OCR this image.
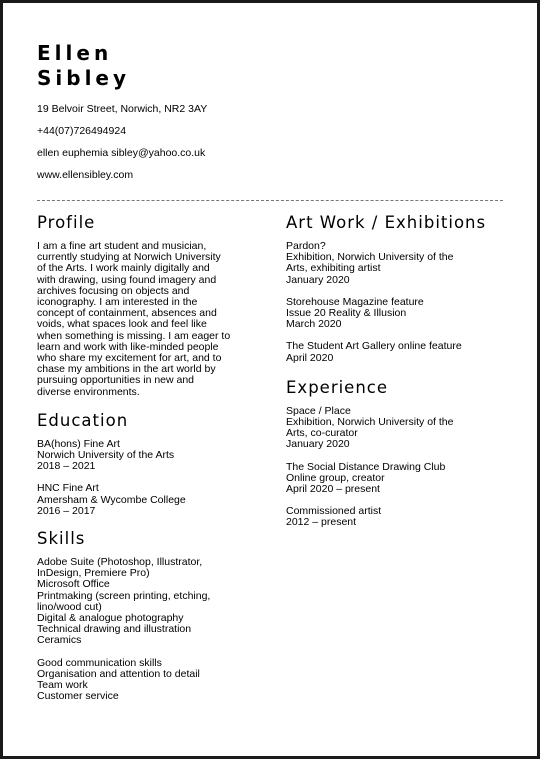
Ellen
Sibley
19 Belvoir Street, Norwich, NR2 3AY
+44(07)726494924
ellen euphemia sibley@yahoo.co.uk
www.ellensibley.com
Profile

I am a fine art student and musician,
currently studying at Norwich University
of the Arts. I work mainly digitally and
with drawing, using found imagery and
archives focusing on objects and
iconography. I am interested in the
concept of containment, absences and
voids, what spaces look and feel like
when something is missing. I am eager to
learn and work with like-minded people
who share my excitement for art, and to
chase my ambitions in the art world by
pursuing opportunities in new and
diverse environments.

Education
BA(hons) Fine Art
Norwich University of the Arts
2018 – 2021
HNC Fine Art
Amersham & Wycombe College
2016 – 2017
Skills
Adobe Suite (Photoshop, Illustrator,
InDesign, Premiere Pro)
Microsoft Office
Printmaking (screen printing, etching,
lino/wood cut)
Digital & analogue photography
Technical drawing and illustration
Ceramics
Good communication skills
Organisation and attention to detail
Team work
Customer service
Art Work / Exhibitions
Pardon?
Exhibition, Norwich University of the
Arts, exhibiting artist
January 2020
Storehouse Magazine feature
Issue 20 Reality & Illusion
March 2020
The Student Art Gallery online feature
April 2020
Experience
Space / Place
Exhibition, Norwich University of the
Arts, co-curator
January 2020
The Social Distance Drawing Club
Online group, creator
April 2020 – present
Commissioned artist
2012 – present
